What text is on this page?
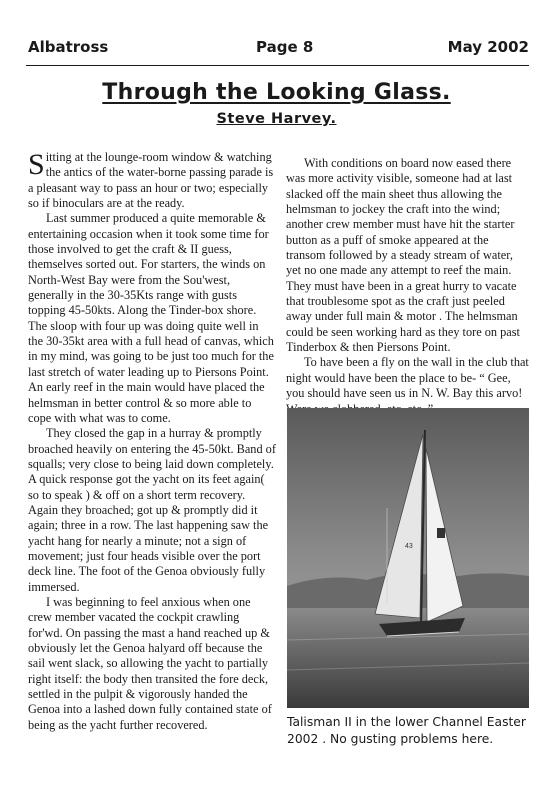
Albatross	Page 8	May 2002
Through the Looking Glass.
Steve Harvey.

Sitting at the lounge-room window & watching the antics of the water-borne passing parade is a pleasant way to pass an hour or two; especially so if binoculars are at the ready.

Last summer produced a quite memorable & entertaining occasion when it took some time for those involved to get the craft & II guess, themselves sorted out. For starters, the winds on North-West Bay were from the Sou'west, generally in the 30-35Kts range with gusts topping 45-50kts. Along the Tinder-box shore.

The sloop with four up was doing quite well in the 30-35kt area with a full head of canvas, which in my mind, was going to be just too much for the last stretch of water leading up to Piersons Point. An early reef in the main would have placed the helmsman in better control & so more able to cope with what was to come.

They closed the gap in a hurray & promptly broached heavily on entering the 45-50kt. Band of squalls; very close to being laid down completely. A quick response got the yacht on its feet again( so to speak ) & off on a short term recovery. Again they broached; got up & promptly did it again; three in a row. The last happening saw the yacht hang for nearly a minute; not a sign of movement; just four heads visible over the port deck line. The foot of the Genoa obviously fully immersed.

I was beginning to feel anxious when one crew member vacated the cockpit crawling for'wd. On passing the mast a hand reached up & obviously let the Genoa halyard off because the sail went slack, so allowing the yacht to partially right itself: the body then transited the fore deck, settled in the pulpit & vigorously handed the Genoa into a lashed down fully contained state of being as the yacht further recovered.

With conditions on board now eased there was more activity visible, someone had at last slacked off the main sheet thus allowing the helmsman to jockey the craft into the wind; another crew member must have hit the starter button as a puff of smoke appeared at the transom followed by a steady stream of water, yet no one made any attempt to reef the main. They must have been in a great hurry to vacate that troublesome spot as the craft just peeled away under full main & motor . The helmsman could be seen working hard as they tore on past Tinderbox & then Piersons Point.

To have been a fly on the wall in the club that night would have been the place to be- “ Gee, you should have seen us in N. W. Bay this arvo!

43
Talisman II in the lower Channel Easter 2002 . No gusting problems here.
